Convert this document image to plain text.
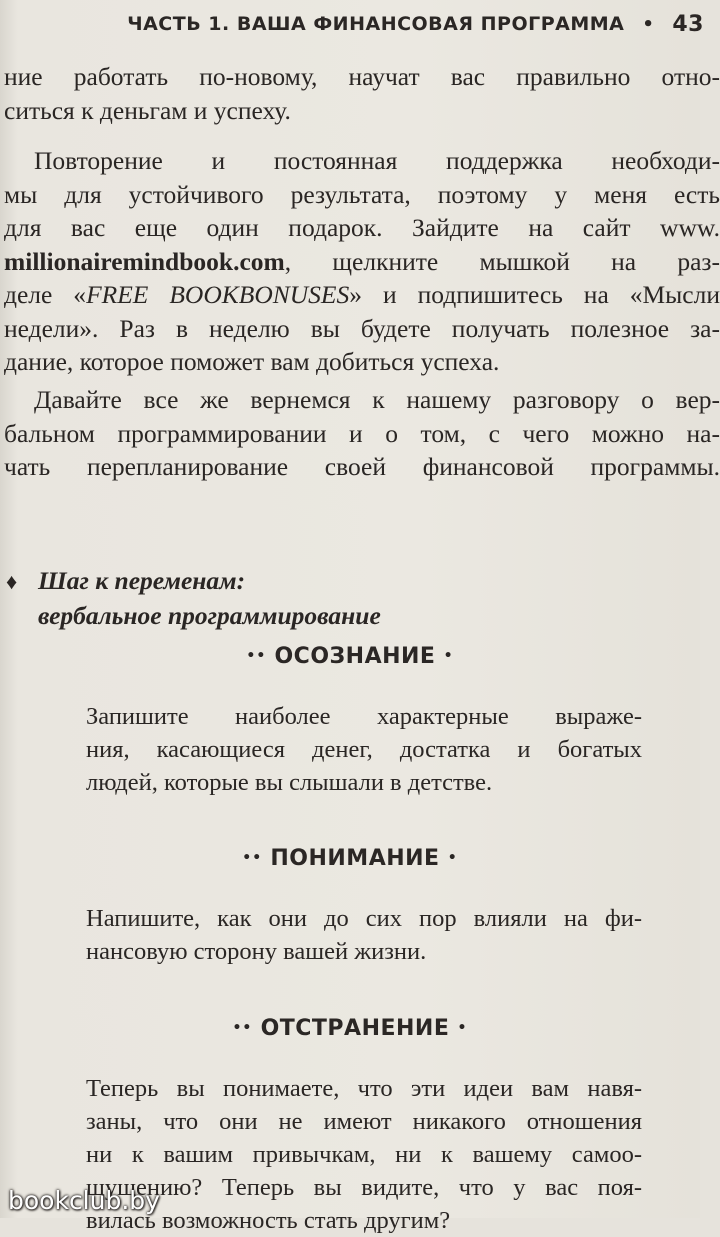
ЧАСТЬ 1. ВАША ФИНАНСОВАЯ ПРОГРАММА • 43
ние работать по-новому, научат вас правильно отно-
ситься к деньгам и успеху.
Повторение и постоянная поддержка необходи-
мы для устойчивого результата, поэтому у меня есть
для вас еще один подарок. Зайдите на сайт www.
millionairemindbook.com, щелкните мышкой на раз-
деле «FREE BOOKBONUSES» и подпишитесь на «Мысли
недели». Раз в неделю вы будете получать полезное за-
дание, которое поможет вам добиться успеха.
Давайте все же вернемся к нашему разговору о вер-
бальном программировании и о том, с чего можно на-
чать перепланирование своей финансовой программы.
♦ Шаг к переменам:
вербальное программирование
•• ОСОЗНАНИЕ •
Запишите наиболее характерные выраже-
ния, касающиеся денег, достатка и богатых
людей, которые вы слышали в детстве.
•• ПОНИМАНИЕ •
Напишите, как они до сих пор влияли на фи-
нансовую сторону вашей жизни.
•• ОТСТРАНЕНИЕ •
Теперь вы понимаете, что эти идеи вам навя-
заны, что они не имеют никакого отношения
ни к вашим привычкам, ни к вашему самоо-
щущению? Теперь вы видите, что у вас поя-
вилась возможность стать другим?
bookclub.by
